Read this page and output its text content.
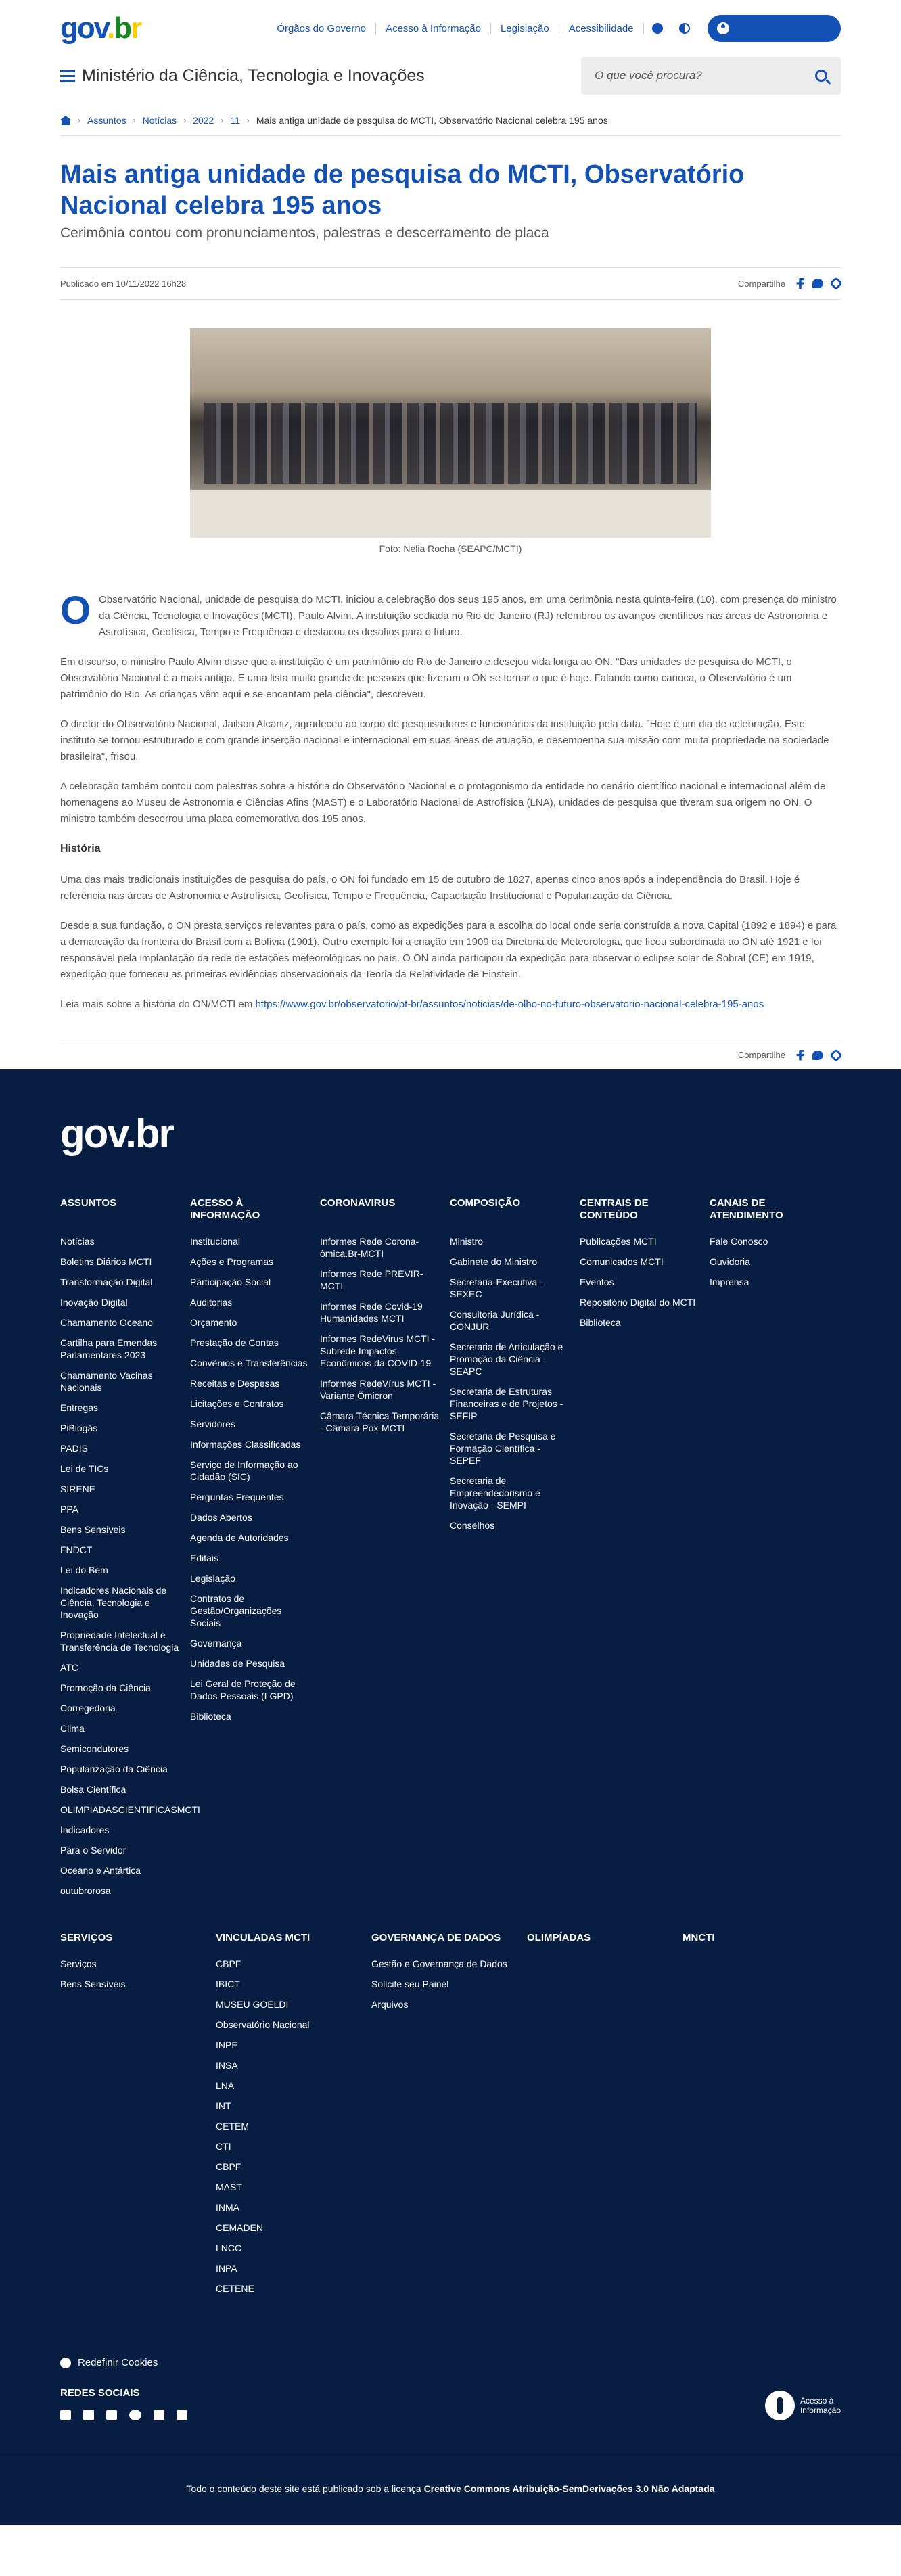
gov.br	Órgãos do Governo	Acesso à Informação	Legislação	Acessibilidade	Entrar com o gov.br
Ministério da Ciência, Tecnologia e Inovações	O que você procura?
› Assuntos › Notícias › 2022 › 11 › Mais antiga unidade de pesquisa do MCTI, Observatório Nacional celebra 195 anos
Mais antiga unidade de pesquisa do MCTI, Observatório Nacional celebra 195 anos
Cerimônia contou com pronunciamentos, palestras e descerramento de placa
Publicado em 10/11/2022 16h28	Compartilhe
Foto: Nelia Rocha (SEAPC/MCTI)

O Observatório Nacional, unidade de pesquisa do MCTI, iniciou a celebração dos seus 195 anos, em uma cerimônia nesta quinta-feira (10), com presença do ministro da Ciência, Tecnologia e Inovações (MCTI), Paulo Alvim. A instituição sediada no Rio de Janeiro (RJ) relembrou os avanços científicos nas áreas de Astronomia e Astrofísica, Geofísica, Tempo e Frequência e destacou os desafios para o futuro.

Em discurso, o ministro Paulo Alvim disse que a instituição é um patrimônio do Rio de Janeiro e desejou vida longa ao ON. "Das unidades de pesquisa do MCTI, o Observatório Nacional é a mais antiga. E uma lista muito grande de pessoas que fizeram o ON se tornar o que é hoje. Falando como carioca, o Observatório é um patrimônio do Rio. As crianças vêm aqui e se encantam pela ciência", descreveu.

O diretor do Observatório Nacional, Jailson Alcaniz, agradeceu ao corpo de pesquisadores e funcionários da instituição pela data. "Hoje é um dia de celebração. Este instituto se tornou estruturado e com grande inserção nacional e internacional em suas áreas de atuação, e desempenha sua missão com muita propriedade na sociedade brasileira", frisou.

A celebração também contou com palestras sobre a história do Observatório Nacional e o protagonismo da entidade no cenário científico nacional e internacional além de homenagens ao Museu de Astronomia e Ciências Afins (MAST) e o Laboratório Nacional de Astrofísica (LNA), unidades de pesquisa que tiveram sua origem no ON. O ministro também descerrou uma placa comemorativa dos 195 anos.

História

Uma das mais tradicionais instituições de pesquisa do país, o ON foi fundado em 15 de outubro de 1827, apenas cinco anos após a independência do Brasil. Hoje é referência nas áreas de Astronomia e Astrofísica, Geofísica, Tempo e Frequência, Capacitação Institucional e Popularização da Ciência.

Desde a sua fundação, o ON presta serviços relevantes para o país, como as expedições para a escolha do local onde seria construída a nova Capital (1892 e 1894) e para a demarcação da fronteira do Brasil com a Bolívia (1901). Outro exemplo foi a criação em 1909 da Diretoria de Meteorologia, que ficou subordinada ao ON até 1921 e foi responsável pela implantação da rede de estações meteorológicas no país. O ON ainda participou da expedição para observar o eclipse solar de Sobral (CE) em 1919, expedição que forneceu as primeiras evidências observacionais da Teoria da Relatividade de Einstein.

Leia mais sobre a história do ON/MCTI em https://www.gov.br/observatorio/pt-br/assuntos/noticias/de-olho-no-futuro-observatorio-nacional-celebra-195-anos

Compartilhe
gov.br
ASSUNTOS
Notícias
Boletins Diários MCTI
Transformação Digital
Inovação Digital
Chamamento Oceano
Cartilha para Emendas Parlamentares 2023
Chamamento Vacinas Nacionais
Entregas
PiBiogás
PADIS
Lei de TICs
SIRENE
PPA
Bens Sensíveis
FNDCT
Lei do Bem
Indicadores Nacionais de Ciência, Tecnologia e Inovação
Propriedade Intelectual e Transferência de Tecnologia
ATC
Promoção da Ciência
Corregedoria
Clima
Semicondutores
Popularização da Ciência
Bolsa Científica
OLIMPIADASCIENTIFICASMCTI
Indicadores
Para o Servidor
Oceano e Antártica
outubrorosa
ACESSO À INFORMAÇÃO
Institucional
Ações e Programas
Participação Social
Auditorias
Orçamento
Prestação de Contas
Convênios e Transferências
Receitas e Despesas
Licitações e Contratos
Servidores
Informações Classificadas
Serviço de Informação ao Cidadão (SIC)
Perguntas Frequentes
Dados Abertos
Agenda de Autoridades
Editais
Legislação
Contratos de Gestão/Organizações Sociais
Governança
Unidades de Pesquisa
Lei Geral de Proteção de Dados Pessoais (LGPD)
Biblioteca
CORONAVIRUS
Informes Rede Corona-ômica.Br-MCTI
Informes Rede PREVIR-MCTI
Informes Rede Covid-19 Humanidades MCTI
Informes RedeVirus MCTI - Subrede Impactos Econômicos da COVID-19
Informes RedeVírus MCTI - Variante Ômicron
Câmara Técnica Temporária - Câmara Pox-MCTI
COMPOSIÇÃO
Ministro
Gabinete do Ministro
Secretaria-Executiva - SEXEC
Consultoria Jurídica - CONJUR
Secretaria de Articulação e Promoção da Ciência - SEAPC
Secretaria de Estruturas Financeiras e de Projetos - SEFIP
Secretaria de Pesquisa e Formação Científica - SEPEF
Secretaria de Empreendedorismo e Inovação - SEMPI
Conselhos
CENTRAIS DE CONTEÚDO
Publicações MCTI
Comunicados MCTI
Eventos
Repositório Digital do MCTI
Biblioteca
CANAIS DE ATENDIMENTO
Fale Conosco
Ouvidoria
Imprensa
SERVIÇOS
Serviços
Bens Sensíveis
VINCULADAS MCTI
CBPF
IBICT
MUSEU GOELDI
Observatório Nacional
INPE
INSA
LNA
INT
CETEM
CTI
CBPF
MAST
INMA
CEMADEN
LNCC
INPA
CETENE
GOVERNANÇA DE DADOS
Gestão e Governança de Dados
Solicite seu Painel
Arquivos
OLIMPÍADAS	MNCTI
Redefinir Cookies
REDES SOCIAIS
Acesso à
Informação
Todo o conteúdo deste site está publicado sob a licença Creative Commons Atribuição-SemDerivações 3.0 Não Adaptada
